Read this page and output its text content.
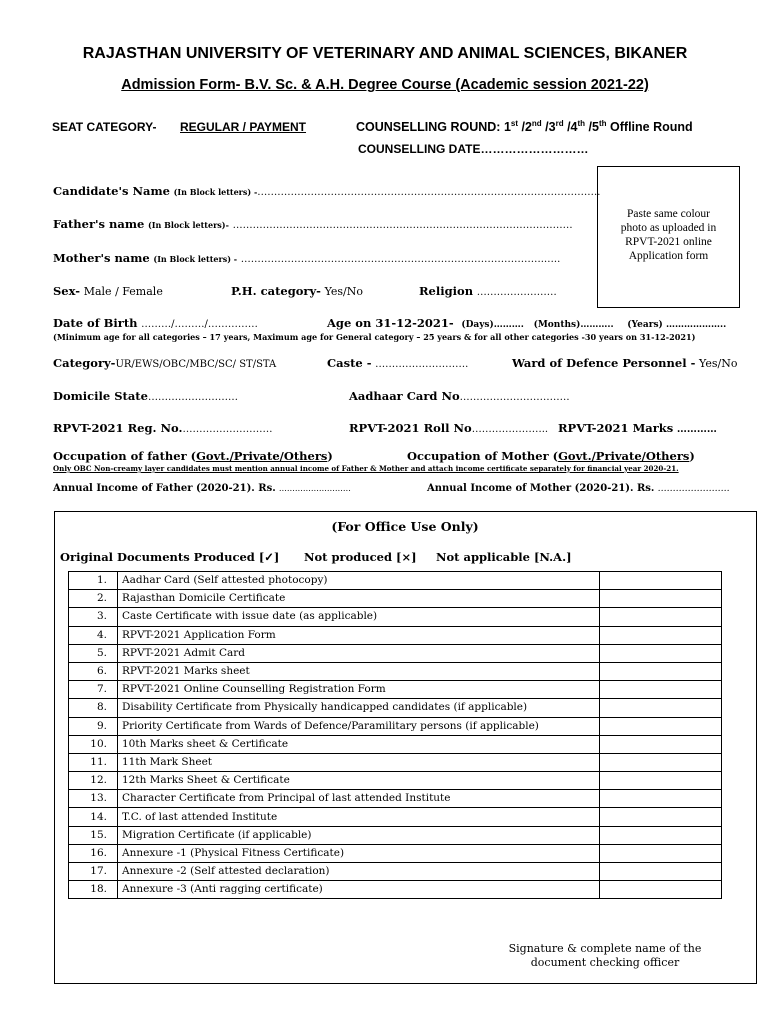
RAJASTHAN UNIVERSITY OF VETERINARY AND ANIMAL SCIENCES, BIKANER
Admission Form- B.V. Sc. & A.H. Degree Course (Academic session 2021-22)
SEAT CATEGORY- REGULAR / PAYMENT	COUNSELLING ROUND: 1st /2nd /3rd /4th /5th Offline Round
COUNSELLING DATE………………………
Paste same colour
photo as uploaded in
RPVT-2021 online
Application form
Candidate's Name (In Block letters) -………………………………………………………………………………………….
Father's name (In Block letters)- …………………………………………………………………………………………
Mother's name (In Block letters) - ……………………………………………………………………………….…..
Sex- Male / Female	P.H. category- Yes/No	Religion ……………………
Date of Birth ………/………/……………	Age on 31-12-2021- (Days)………. (Months)……….. (Years) ………………..
(Minimum age for all categories – 17 years, Maximum age for General category – 25 years & for all other categories -30 years on 31-12-2021)
Category-UR/EWS/OBC/MBC/SC/ ST/STA	Caste - ……………………….	Ward of Defence Personnel - Yes/No
Domicile State………………………	Aadhaar Card No……………………………
RPVT-2021 Reg. No.………………………	RPVT-2021 Roll No………………….. RPVT-2021 Marks …………
Occupation of father (Govt./Private/Others)	Occupation of Mother (Govt./Private/Others)
Only OBC Non-creamy layer candidates must mention annual income of Father & Mother and attach income certificate separately for financial year 2020-21.
Annual Income of Father (2020-21). Rs. ………………………	Annual Income of Mother (2020-21). Rs. ……………………
(For Office Use Only)
Original Documents Produced [✓] Not produced [×] Not applicable [N.A.]
1.	Aadhar Card (Self attested photocopy)	
2.	Rajasthan Domicile Certificate	
3.	Caste Certificate with issue date (as applicable)	
4.	RPVT-2021 Application Form	
5.	RPVT-2021 Admit Card	
6.	RPVT-2021 Marks sheet	
7.	RPVT-2021 Online Counselling Registration Form	
8.	Disability Certificate from Physically handicapped candidates (if applicable)	
9.	Priority Certificate from Wards of Defence/Paramilitary persons (if applicable)	
10.	10th Marks sheet & Certificate	
11.	11th Mark Sheet	
12.	12th Marks Sheet & Certificate	
13.	Character Certificate from Principal of last attended Institute	
14.	T.C. of last attended Institute	
15.	Migration Certificate (if applicable)	
16.	Annexure -1 (Physical Fitness Certificate)	
17.	Annexure -2 (Self attested declaration)	
18.	Annexure -3 (Anti ragging certificate)	
Signature & complete name of the
document checking officer
